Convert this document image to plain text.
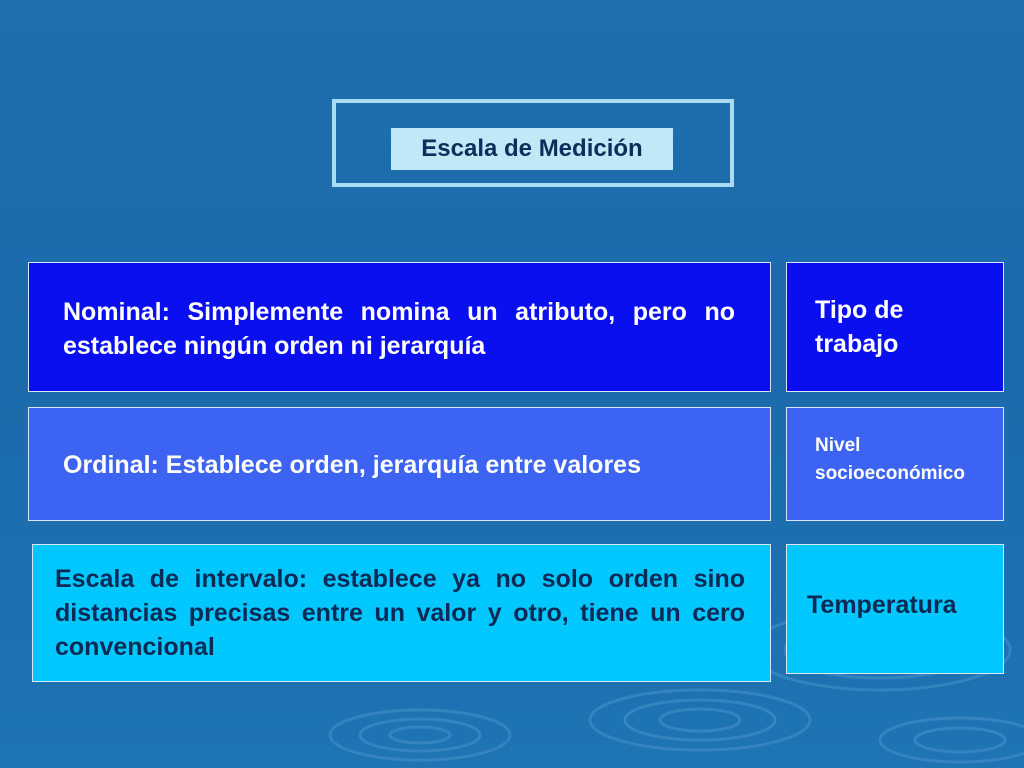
Escala de Medición
Nominal: Simplemente nomina un atributo, pero no establece ningún orden ni jerarquía
Tipo de trabajo
Ordinal: Establece orden, jerarquía entre valores
Nivel socioeconómico
Escala de intervalo: establece ya no solo orden sino distancias precisas entre un valor y otro, tiene un cero convencional
Temperatura
